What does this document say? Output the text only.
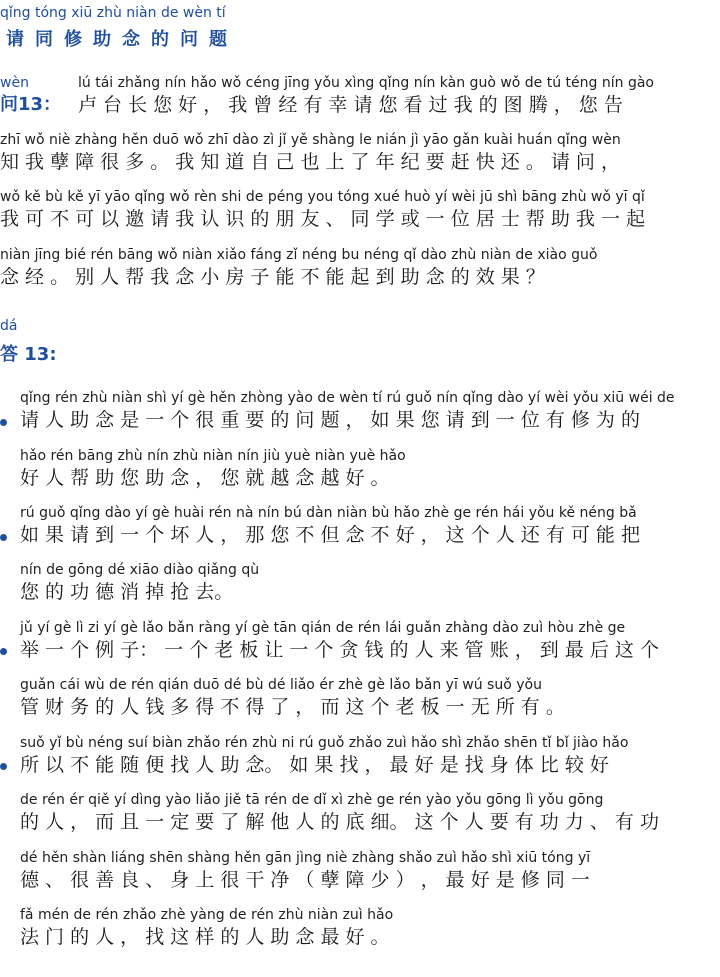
qǐng tóng xiū zhù niàn de wèn tí
请同修助念的问题
wèn
问13：
lú tái zhǎng nín hǎo wǒ céng jīng yǒu xìng qǐng nín kàn guò wǒ de tú téng nín gào
卢 台 长 您 好 ， 我 曾 经 有 幸 请 您 看 过 我 的 图 腾 ， 您 告
zhī wǒ niè zhàng hěn duō wǒ zhī dào zì jǐ yě shàng le nián jì yāo gǎn kuài huán qǐng wèn
知 我 孽 障 很 多 。 我 知 道 自 己 也 上 了 年 纪 要 赶 快 还 。 请 问 ，
wǒ kě bù kě yī yāo qǐng wǒ rèn shi de péng you tóng xué huò yí wèi jū shì bāng zhù wǒ yī qǐ
我 可 不 可 以 邀 请 我 认 识 的 朋 友 、 同 学 或 一 位 居 士 帮 助 我 一 起
niàn jīng bié rén bāng wǒ niàn xiǎo fáng zǐ néng bu néng qǐ dào zhù niàn de xiào guǒ
念 经 。 别 人 帮 我 念 小 房 子 能 不 能 起 到 助 念 的 效 果 ？
dá
答 13:
qǐng rén zhù niàn shì yí gè hěn zhòng yào de wèn tí rú guǒ nín qǐng dào yí wèi yǒu xiū wéi de
请 人 助 念 是 一 个 很 重 要 的 问 题 ， 如 果 您 请 到 一 位 有 修 为 的
hǎo rén bāng zhù nín zhù niàn nín jiù yuè niàn yuè hǎo
好 人 帮 助 您 助 念 ， 您 就 越 念 越 好 。
rú guǒ qǐng dào yí gè huài rén nà nín bú dàn niàn bù hǎo zhè ge rén hái yǒu kě néng bǎ
如 果 请 到 一 个 坏 人 ， 那 您 不 但 念 不 好 ， 这 个 人 还 有 可 能 把
nín de gōng dé xiāo diào qiǎng qù
您 的 功 德 消 掉 抢 去。
jǔ yí gè lì zi yí gè lǎo bǎn ràng yí gè tān qián de rén lái guǎn zhàng dào zuì hòu zhè ge
举 一 个 例 子： 一 个 老 板 让 一 个 贪 钱 的 人 来 管 账 ， 到 最 后 这 个
guǎn cái wù de rén qián duō dé bù dé liǎo ér zhè gè lǎo bǎn yī wú suǒ yǒu
管 财 务 的 人 钱 多 得 不 得 了 ， 而 这 个 老 板 一 无 所 有 。
suǒ yǐ bù néng suí biàn zhǎo rén zhù ni rú guǒ zhǎo zuì hǎo shì zhǎo shēn tǐ bǐ jiào hǎo
所 以 不 能 随 便 找 人 助 念。 如 果 找 ， 最 好 是 找 身 体 比 较 好
de rén ér qiě yí dìng yào liǎo jiě tā rén de dǐ xì zhè ge rén yào yǒu gōng lì yǒu gōng
的 人 ， 而 且 一 定 要 了 解 他 人 的 底 细。 这 个 人 要 有 功 力 、 有 功
dé hěn shàn liáng shēn shàng hěn gān jìng niè zhàng shǎo zuì hǎo shì xiū tóng yī
德 、 很 善 良 、 身 上 很 干 净 （ 孽 障 少 ） ， 最 好 是 修 同 一
fǎ mén de rén zhǎo zhè yàng de rén zhù niàn zuì hǎo
法 门 的 人 ， 找 这 样 的 人 助 念 最 好 。
